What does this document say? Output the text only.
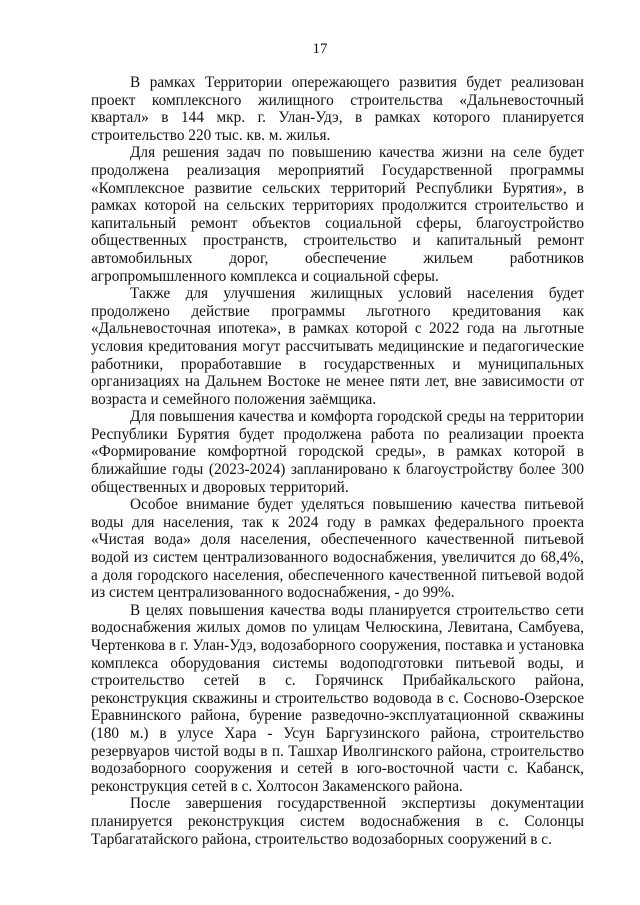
17

В рамках Территории опережающего развития будет реализован проект комплексного жилищного строительства «Дальневосточный квартал» в 144 мкр. г. Улан-Удэ, в рамках которого планируется строительство 220 тыс. кв. м. жилья.

Для решения задач по повышению качества жизни на селе будет продолжена реализация мероприятий Государственной программы «Комплексное развитие сельских территорий Республики Бурятия», в рамках которой на сельских территориях продолжится строительство и капитальный ремонт объектов социальной сферы, благоустройство общественных пространств, строительство и капитальный ремонт автомобильных дорог, обеспечение жильем работников агропромышленного комплекса и социальной сферы.

Также для улучшения жилищных условий населения будет продолжено действие программы льготного кредитования как «Дальневосточная ипотека», в рамках которой с 2022 года на льготные условия кредитования могут рассчитывать медицинские и педагогические работники, проработавшие в государственных и муниципальных организациях на Дальнем Востоке не менее пяти лет, вне зависимости от возраста и семейного положения заёмщика.

Для повышения качества и комфорта городской среды на территории Республики Бурятия будет продолжена работа по реализации проекта «Формирование комфортной городской среды», в рамках которой в ближайшие годы (2023-2024) запланировано к благоустройству более 300 общественных и дворовых территорий.

Особое внимание будет уделяться повышению качества питьевой воды для населения, так к 2024 году в рамках федерального проекта «Чистая вода» доля населения, обеспеченного качественной питьевой водой из систем централизованного водоснабжения, увеличится до 68,4%, а доля городского населения, обеспеченного качественной питьевой водой из систем централизованного водоснабжения, - до 99%.

В целях повышения качества воды планируется строительство сети водоснабжения жилых домов по улицам Челюскина, Левитана, Самбуева, Чертенкова в г. Улан-Удэ, водозаборного сооружения, поставка и установка комплекса оборудования системы водоподготовки питьевой воды, и строительство сетей в с. Горячинск Прибайкальского района, реконструкция скважины и строительство водовода в с. Сосново-Озерское Еравнинского района, бурение разведочно-эксплуатационной скважины (180 м.) в улусе Хара - Усун Баргузинского района, строительство резервуаров чистой воды в п. Ташхар Иволгинского района, строительство водозаборного сооружения и сетей в юго-восточной части с. Кабанск, реконструкция сетей в с. Холтосон Закаменского района.

После завершения государственной экспертизы документации планируется реконструкция систем водоснабжения в с. Солонцы Тарбагатайского района, строительство водозаборных сооружений в с.
